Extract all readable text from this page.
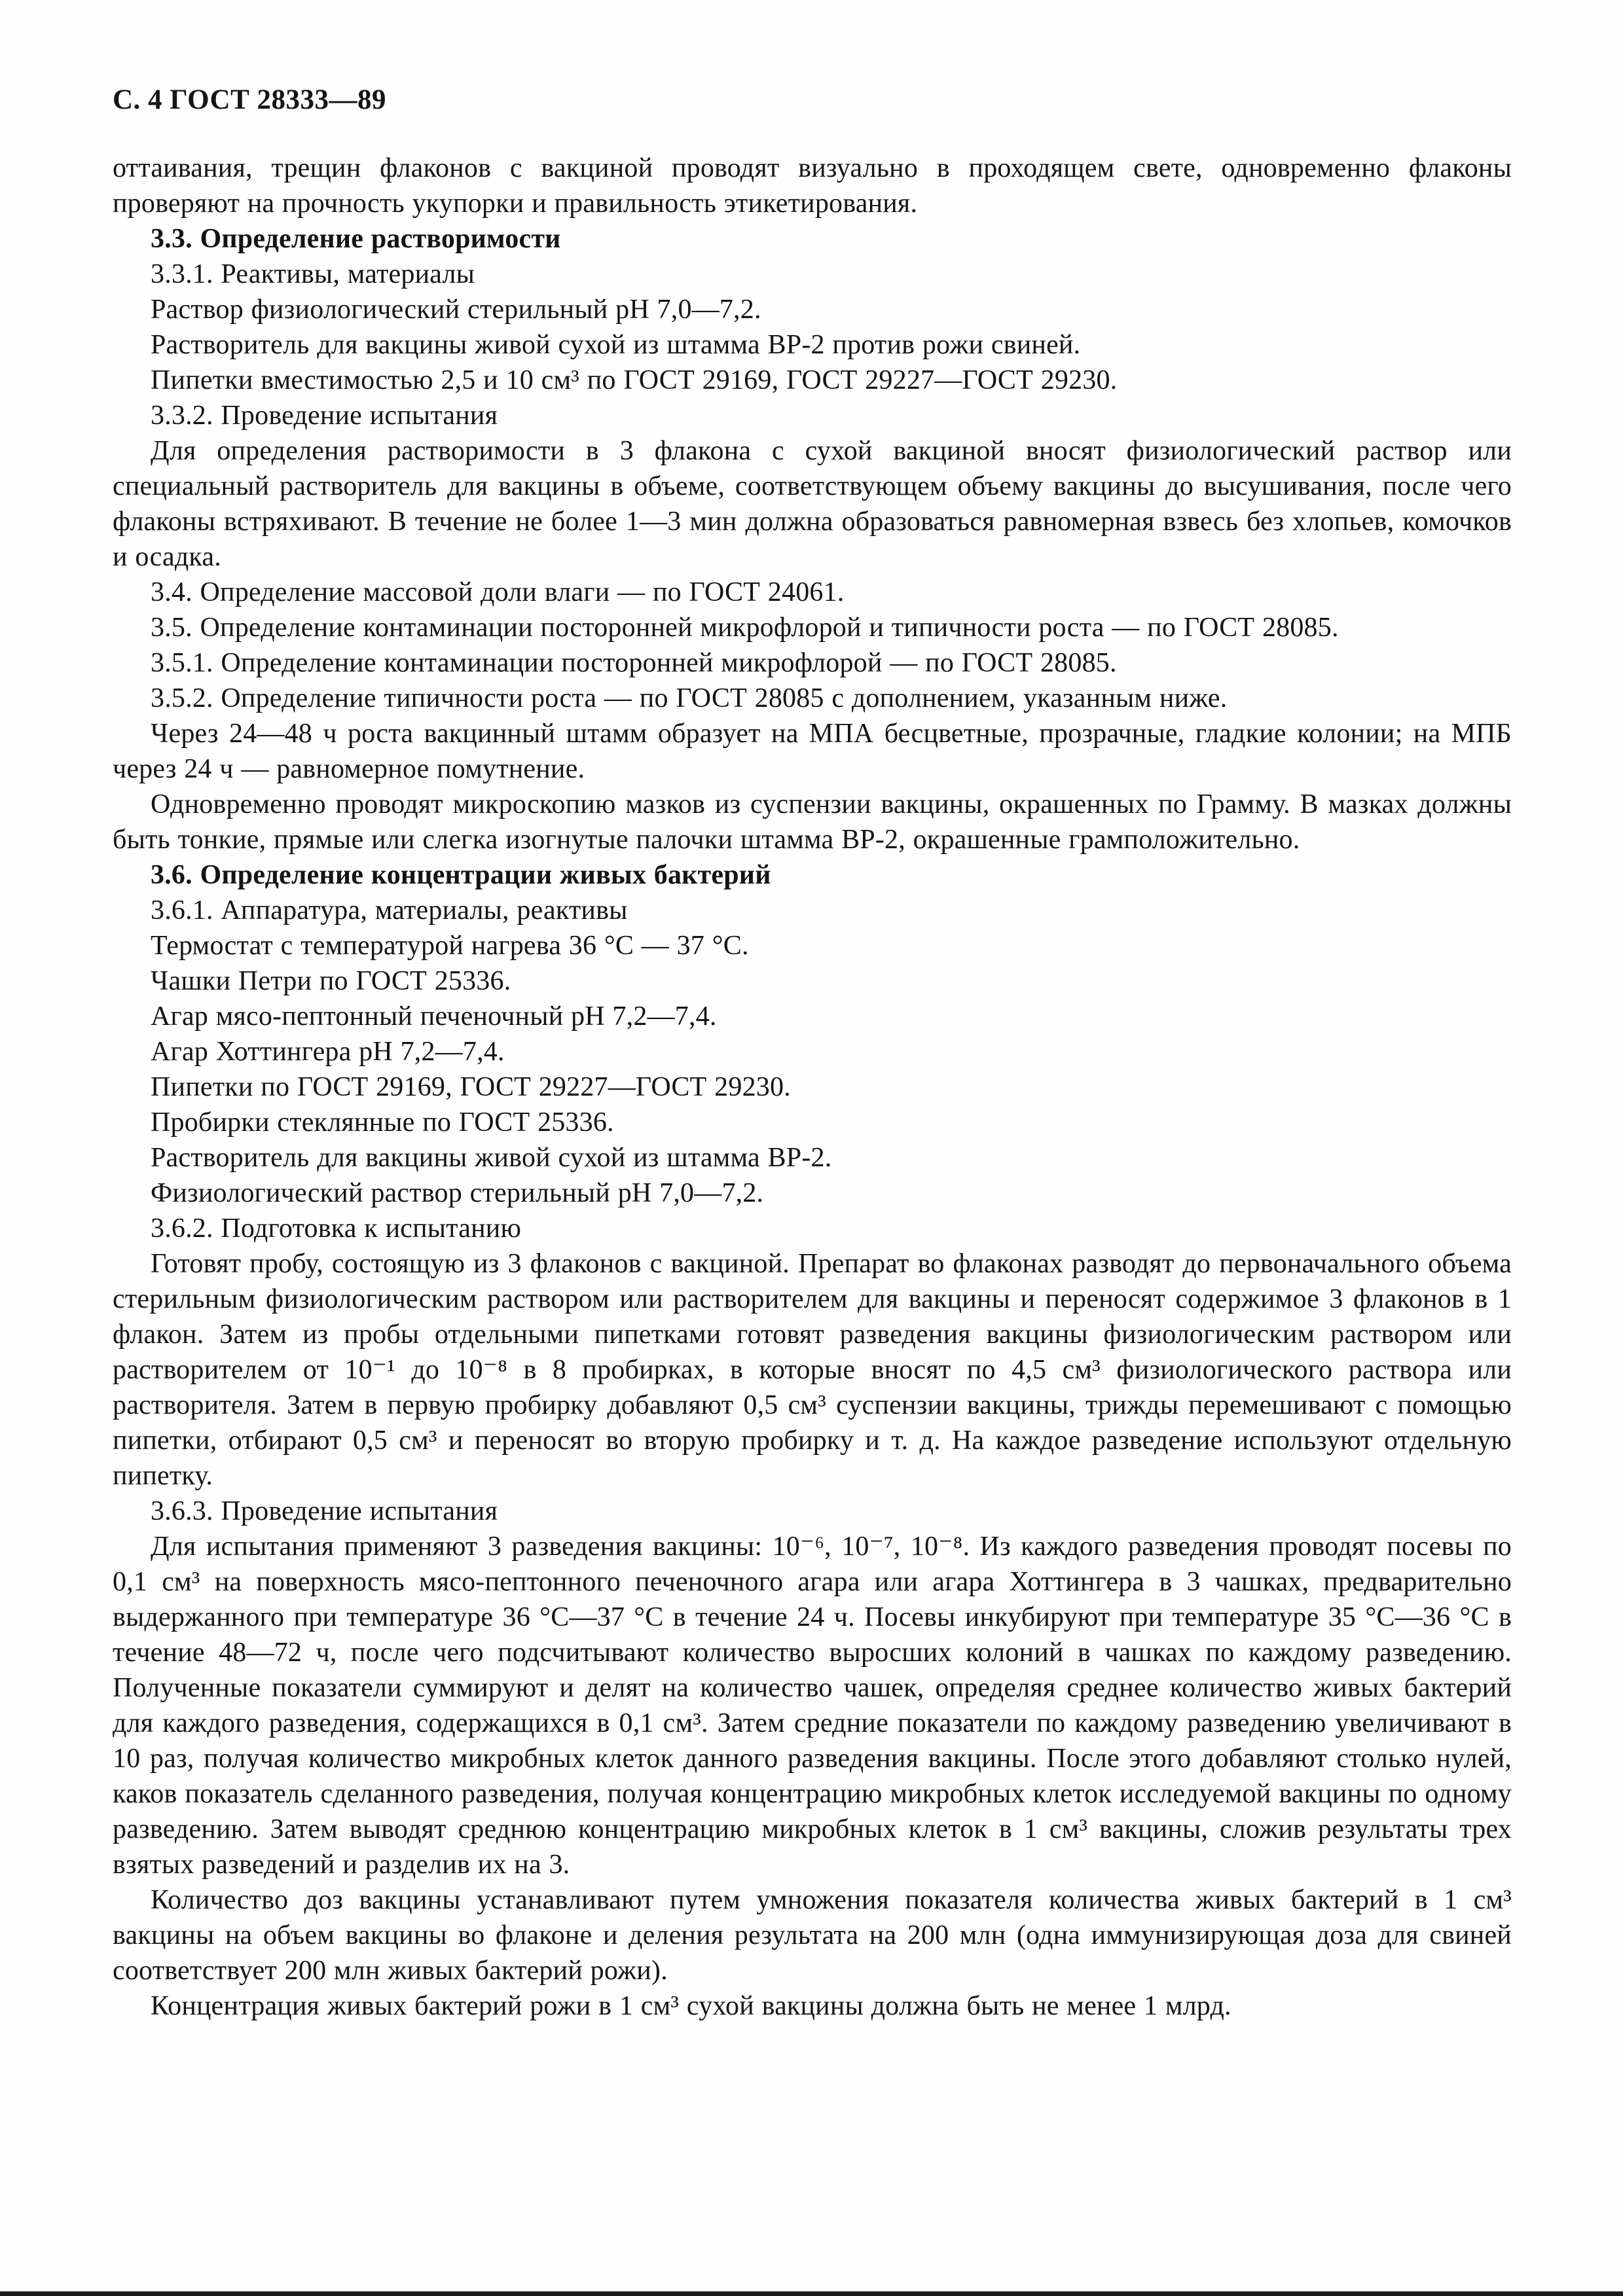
С. 4 ГОСТ 28333—89

оттаивания, трещин флаконов с вакциной проводят визуально в проходящем свете, одновременно флаконы проверяют на прочность укупорки и правильность этикетирования.

3.3. Определение растворимости

3.3.1. Реактивы, материалы

Раствор физиологический стерильный рН 7,0—7,2.

Растворитель для вакцины живой сухой из штамма ВР-2 против рожи свиней.

Пипетки вместимостью 2,5 и 10 см³ по ГОСТ 29169, ГОСТ 29227—ГОСТ 29230.

3.3.2. Проведение испытания

Для определения растворимости в 3 флакона с сухой вакциной вносят физиологический раствор или специальный растворитель для вакцины в объеме, соответствующем объему вакцины до высушивания, после чего флаконы встряхивают. В течение не более 1—3 мин должна образоваться равномерная взвесь без хлопьев, комочков и осадка.

3.4. Определение массовой доли влаги — по ГОСТ 24061.

3.5. Определение контаминации посторонней микрофлорой и типичности роста — по ГОСТ 28085.

3.5.1. Определение контаминации посторонней микрофлорой — по ГОСТ 28085.

3.5.2. Определение типичности роста — по ГОСТ 28085 с дополнением, указанным ниже.

Через 24—48 ч роста вакцинный штамм образует на МПА бесцветные, прозрачные, гладкие колонии; на МПБ через 24 ч — равномерное помутнение.

Одновременно проводят микроскопию мазков из суспензии вакцины, окрашенных по Грамму. В мазках должны быть тонкие, прямые или слегка изогнутые палочки штамма ВР-2, окрашенные грамположительно.

3.6. Определение концентрации живых бактерий

3.6.1. Аппаратура, материалы, реактивы

Термостат с температурой нагрева 36 °С — 37 °С.

Чашки Петри по ГОСТ 25336.

Агар мясо-пептонный печеночный рН 7,2—7,4.

Агар Хоттингера рН 7,2—7,4.

Пипетки по ГОСТ 29169, ГОСТ 29227—ГОСТ 29230.

Пробирки стеклянные по ГОСТ 25336.

Растворитель для вакцины живой сухой из штамма ВР-2.

Физиологический раствор стерильный рН 7,0—7,2.

3.6.2. Подготовка к испытанию

Готовят пробу, состоящую из 3 флаконов с вакциной. Препарат во флаконах разводят до первоначального объема стерильным физиологическим раствором или растворителем для вакцины и переносят содержимое 3 флаконов в 1 флакон. Затем из пробы отдельными пипетками готовят разведения вакцины физиологическим раствором или растворителем от 10⁻¹ до 10⁻⁸ в 8 пробирках, в которые вносят по 4,5 см³ физиологического раствора или растворителя. Затем в первую пробирку добавляют 0,5 см³ суспензии вакцины, трижды перемешивают с помощью пипетки, отбирают 0,5 см³ и переносят во вторую пробирку и т. д. На каждое разведение используют отдельную пипетку.

3.6.3. Проведение испытания

Для испытания применяют 3 разведения вакцины: 10⁻⁶, 10⁻⁷, 10⁻⁸. Из каждого разведения проводят посевы по 0,1 см³ на поверхность мясо-пептонного печеночного агара или агара Хоттингера в 3 чашках, предварительно выдержанного при температуре 36 °С—37 °С в течение 24 ч. Посевы инкубируют при температуре 35 °С—36 °С в течение 48—72 ч, после чего подсчитывают количество выросших колоний в чашках по каждому разведению. Полученные показатели суммируют и делят на количество чашек, определяя среднее количество живых бактерий для каждого разведения, содержащихся в 0,1 см³. Затем средние показатели по каждому разведению увеличивают в 10 раз, получая количество микробных клеток данного разведения вакцины. После этого добавляют столько нулей, каков показатель сделанного разведения, получая концентрацию микробных клеток исследуемой вакцины по одному разведению. Затем выводят среднюю концентрацию микробных клеток в 1 см³ вакцины, сложив результаты трех взятых разведений и разделив их на 3.

Количество доз вакцины устанавливают путем умножения показателя количества живых бактерий в 1 см³ вакцины на объем вакцины во флаконе и деления результата на 200 млн (одна иммунизирующая доза для свиней соответствует 200 млн живых бактерий рожи).

Концентрация живых бактерий рожи в 1 см³ сухой вакцины должна быть не менее 1 млрд.
